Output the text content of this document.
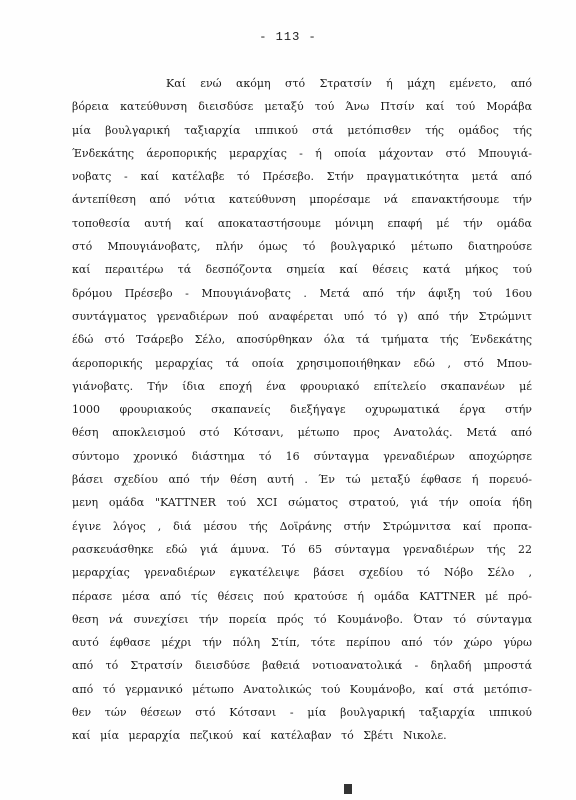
- 113 -
Καί ενώ ακόμη στό Στρατσίν ή μάχη εμένετο, από
βόρεια κατεύθυνση διεισδύσε μεταξύ τού Άνω Πτσίν καί τού Μοράβα
μία βουλγαρική ταξιαρχία ιππικού στά μετόπισθεν τής ομάδος τής
Ένδεκάτης άεροπορικής μεραρχίας - ή οποία μάχονταν στό Μπουγιά-
νοβατς - καί κατέλαβε τό Πρέσεβο. Στήν πραγματικότητα μετά από
άντεπίθεση από νότια κατεύθυνση μπορέσαμε νά επανακτήσουμε τήν
τοποθεσία αυτή καί αποκαταστήσουμε μόνιμη επαφή μέ τήν ομάδα
στό Μπουγιάνοβατς, πλήν όμως τό βουλγαρικό μέτωπο διατηρούσε
καί περαιτέρω τά δεσπόζοντα σημεία καί θέσεις κατά μήκος τού
δρόμου Πρέσεβο - Μπουγιάνοβατς . Μετά από τήν άφιξη τού 16ου
συντάγματος γρεναδιέρων πού αναφέρεται υπό τό γ) από τήν Στρώμνιτ
έδώ στό Τσάρεβο Σέλο, αποσύρθηκαν όλα τά τμήματα τής Ένδεκάτης
άεροπορικής μεραρχίας τά οποία χρησιμοποιήθηκαν εδώ , στό Μπου-
γιάνοβατς. Τήν ίδια εποχή ένα φρουριακό επίτελείο σκαπανέων μέ
1000 φρουριακούς σκαπανείς διεξήγαγε οχυρωματικά έργα στήν
θέση αποκλεισμού στό Κότσανι, μέτωπο προς Ανατολάς. Μετά από
σύντομο χρονικό διάστημα τό 16 σύνταγμα γρεναδιέρων αποχώρησε
βάσει σχεδίου από τήν θέση αυτή . Έν τώ μεταξύ έφθασε ή πορευό-
μενη ομάδα "KATTNER τού XCI σώματος στρατού, γιά τήν οποία ήδη
έγινε λόγος , διά μέσου τής Δοϊράνης στήν Στρώμνιτσα καί προπα-
ρασκευάσθηκε εδώ γιά άμυνα. Τό 65 σύνταγμα γρεναδιέρων τής 22
μεραρχίας γρεναδιέρων εγκατέλειψε βάσει σχεδίου τό Νόβο Σέλο ,
πέρασε μέσα από τίς θέσεις πού κρατούσε ή ομάδα KATTNER μέ πρό-
θεση νά συνεχίσει τήν πορεία πρός τό Κουμάνοβο. Όταν τό σύνταγμα
αυτό έφθασε μέχρι τήν πόλη Στίπ, τότε περίπου από τόν χώρο γύρω
από τό Στρατσίν διεισδύσε βαθειά νοτιοανατολικά - δηλαδή μπροστά
από τό γερμανικό μέτωπο Ανατολικώς τού Κουμάνοβο, καί στά μετόπισ-
θεν τών θέσεων στό Κότσανι - μία βουλγαρική ταξιαρχία ιππικού
καί μία μεραρχία πεζικού καί κατέλαβαν τό Σβέτι Νικολε.
